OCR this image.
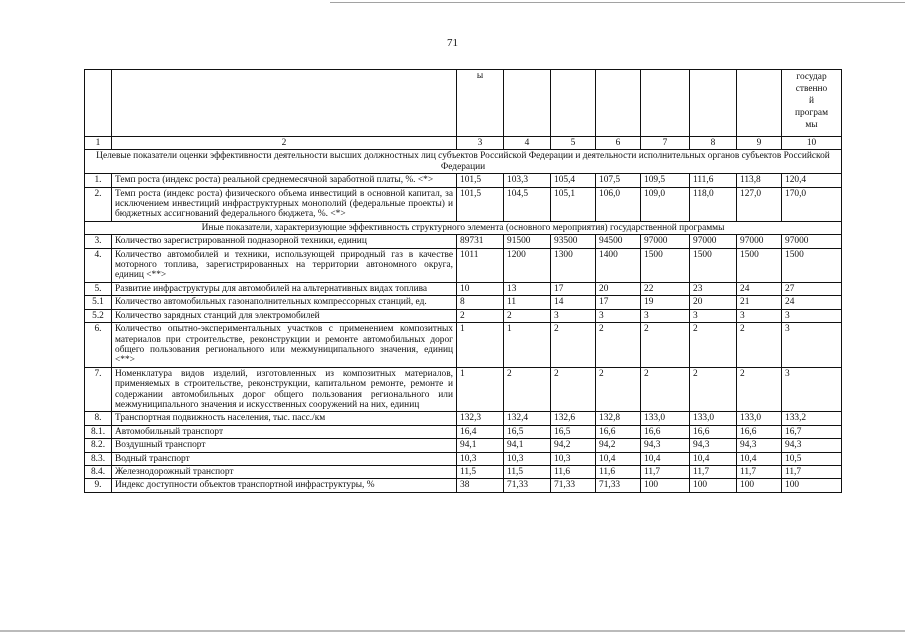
71
		ы							государ
ственно
й
програм
мы

1	2	3	4	5	6	7	8	9	10
Целевые показатели оценки эффективности деятельности высших должностных лиц субъектов Российской Федерации и деятельности исполнительных органов субъектов Российской Федерации									
1.	Темп роста (индекс роста) реальной среднемесячной заработной платы, %. <*>	101,5	103,3	105,4	107,5	109,5	111,6	113,8	120,4
2.	Темп роста (индекс роста) физического объема инвестиций в основной капитал, за исключением инвестиций инфраструктурных монополий (федеральные проекты) и бюджетных ассигнований федерального бюджета, %. <*>	101,5	104,5	105,1	106,0	109,0	118,0	127,0	170,0
Иные показатели, характеризующие эффективность структурного элемента (основного мероприятия) государственной программы									
3.	Количество зарегистрированной подназорной техники, единиц	89731	91500	93500	94500	97000	97000	97000	97000
4.	Количество автомобилей и техники, использующей природный газ в качестве моторного топлива, зарегистрированных на территории автономного округа, единиц <**>	1011	1200	1300	1400	1500	1500	1500	1500
5.	Развитие инфраструктуры для автомобилей на альтернативных видах топлива	10	13	17	20	22	23	24	27
5.1	Количество автомобильных газонаполнительных компрессорных станций, ед.	8	11	14	17	19	20	21	24
5.2	Количество зарядных станций для электромобилей	2	2	3	3	3	3	3	3
6.	Количество опытно-экспериментальных участков с применением композитных материалов при строительстве, реконструкции и ремонте автомобильных дорог общего пользования регионального или межмуниципального значения, единиц <**>	1	1	2	2	2	2	2	3
7.	Номенклатура видов изделий, изготовленных из композитных материалов, применяемых в строительстве, реконструкции, капитальном ремонте, ремонте и содержании автомобильных дорог общего пользования регионального или межмуниципального значения и искусственных сооружений на них, единиц	1	2	2	2	2	2	2	3
8.	Транспортная подвижность населения, тыс. пасс./км	132,3	132,4	132,6	132,8	133,0	133,0	133,0	133,2
8.1.	Автомобильный транспорт	16,4	16,5	16,5	16,6	16,6	16,6	16,6	16,7
8.2.	Воздушный транспорт	94,1	94,1	94,2	94,2	94,3	94,3	94,3	94,3
8.3.	Водный транспорт	10,3	10,3	10,3	10,4	10,4	10,4	10,4	10,5
8.4.	Железнодорожный транспорт	11,5	11,5	11,6	11,6	11,7	11,7	11,7	11,7
9.	Индекс доступности объектов транспортной инфраструктуры, %	38	71,33	71,33	71,33	100	100	100	100
